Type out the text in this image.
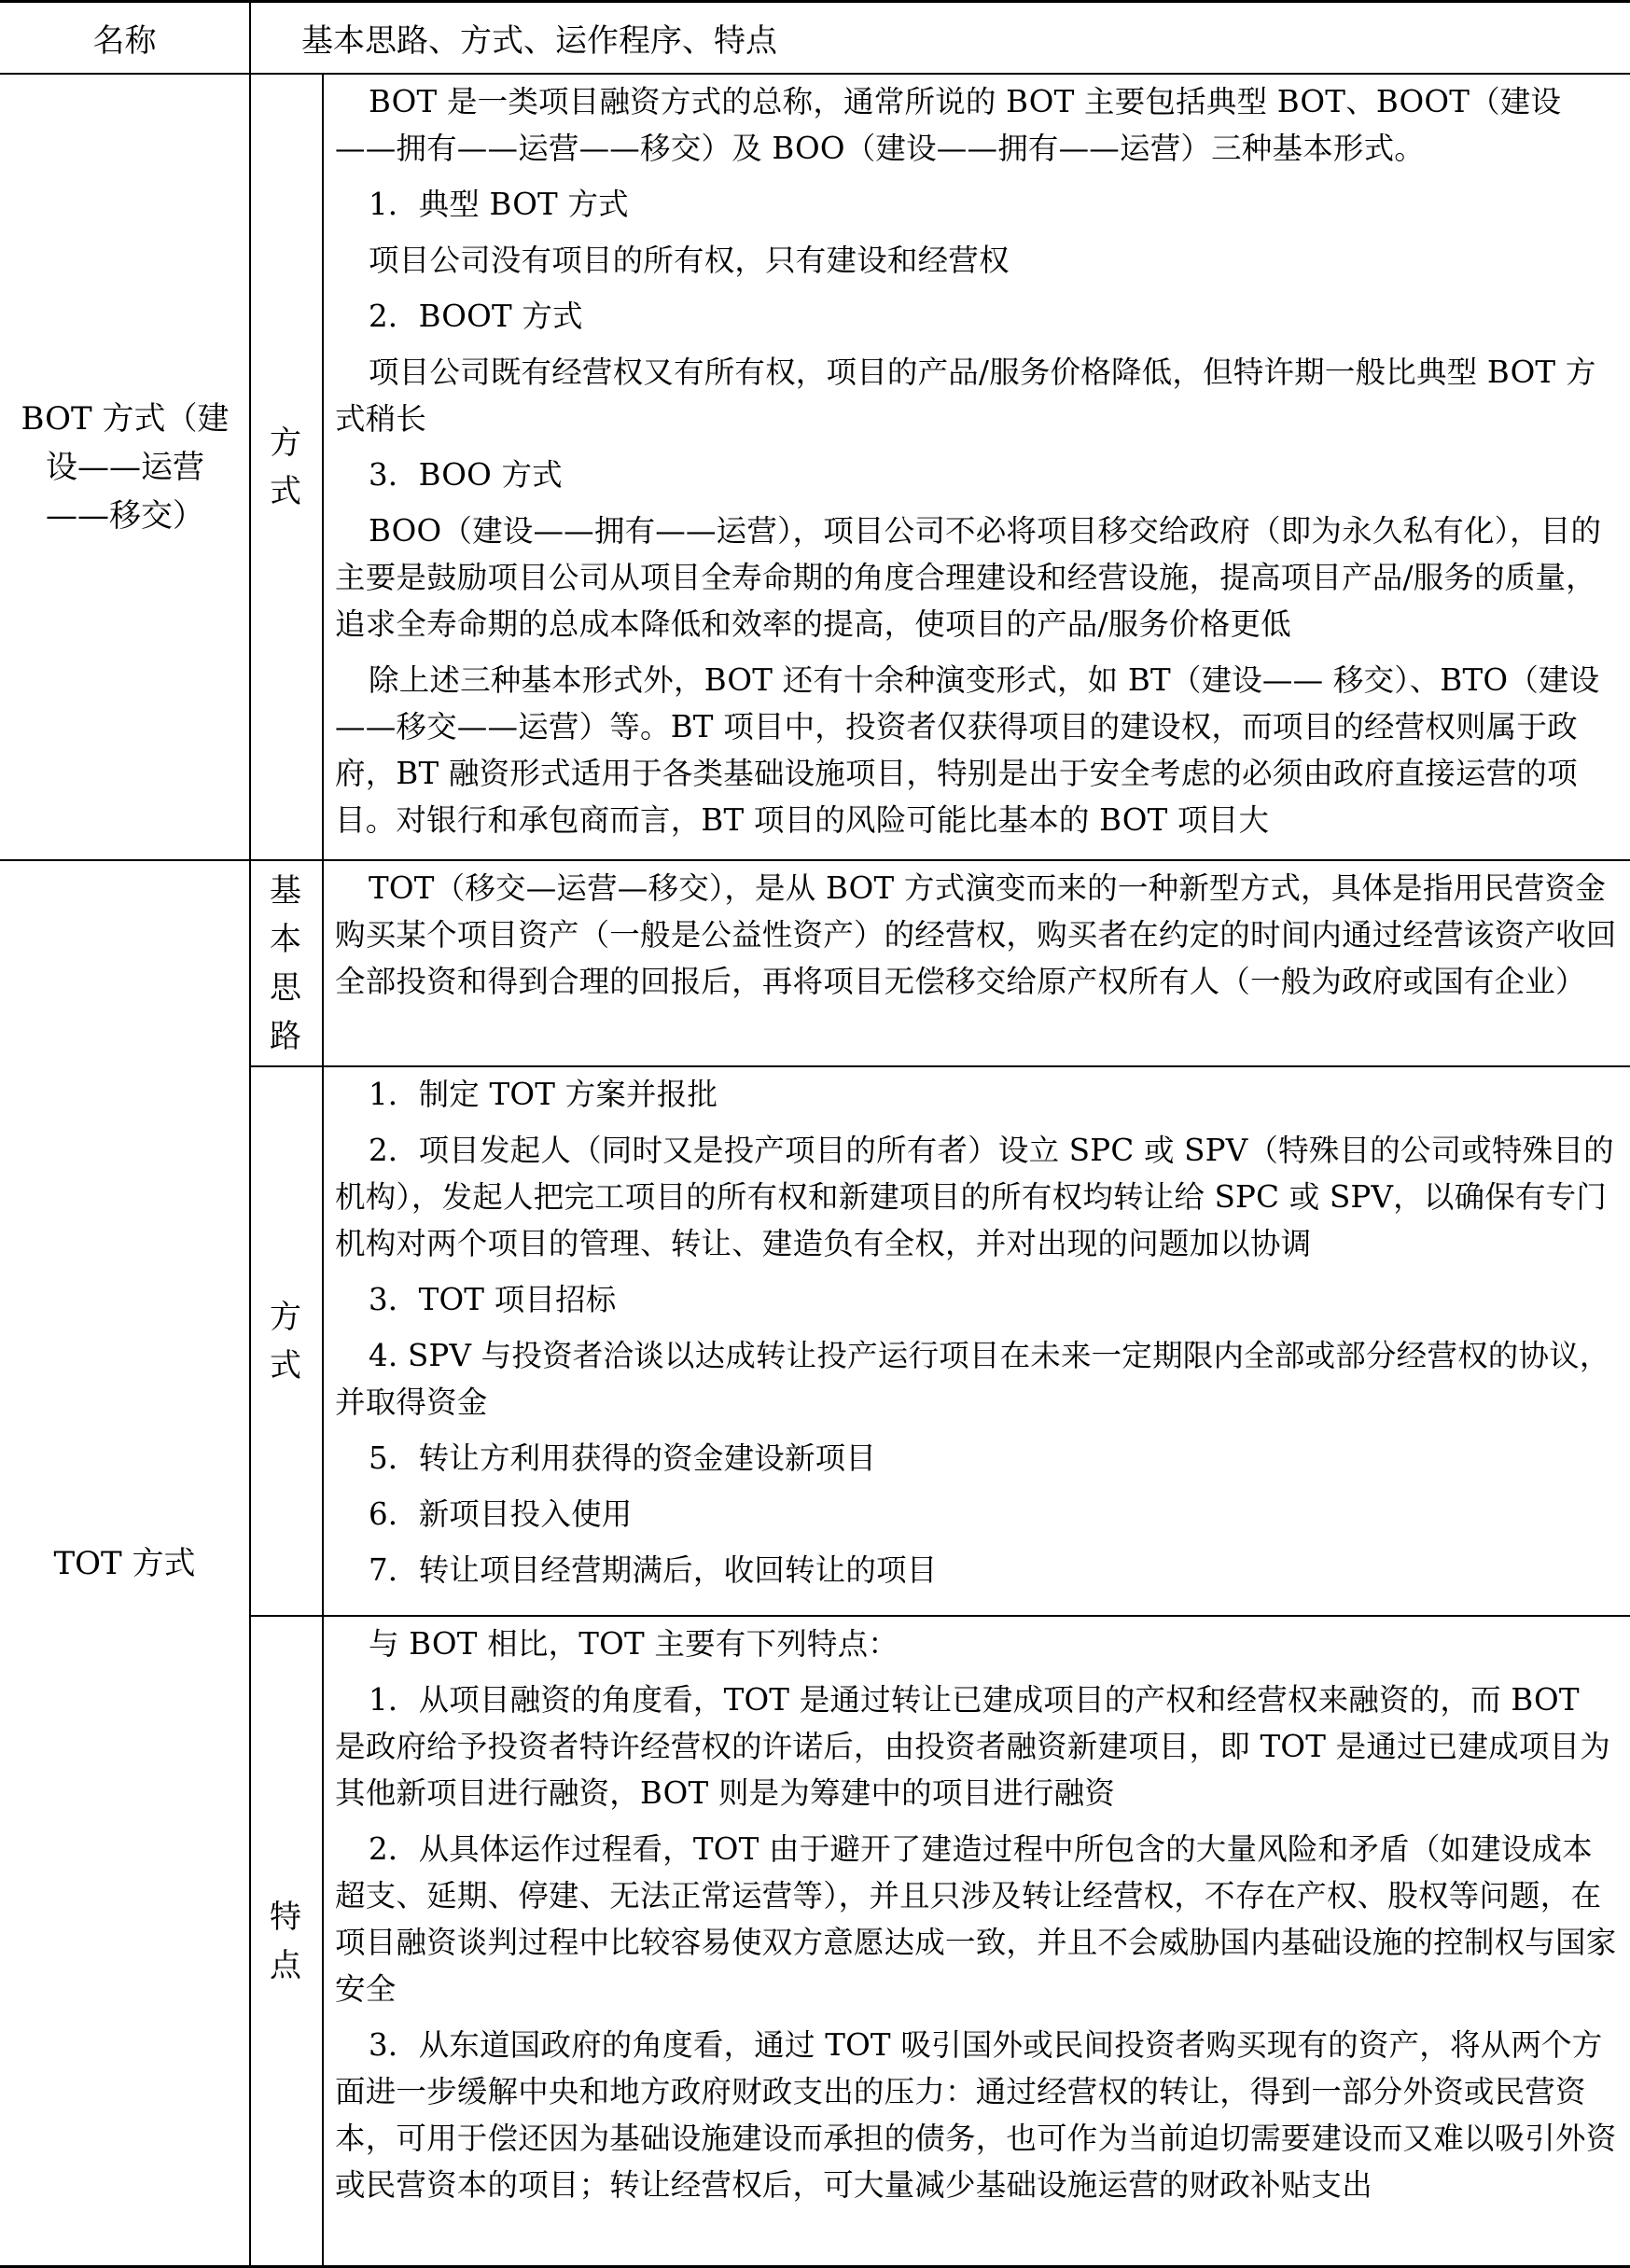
名称	基本思路、方式、运作程序、特点
BOT 方式（建设——运营——移交）
方式

BOT 是一类项目融资方式的总称，通常所说的 BOT 主要包括典型 BOT、BOOT（建设——拥有——运营——移交）及 BOO（建设——拥有——运营）三种基本形式。

1．典型 BOT 方式

项目公司没有项目的所有权，只有建设和经营权

2．BOOT 方式

项目公司既有经营权又有所有权，项目的产品/服务价格降低，但特许期一般比典型 BOT 方式稍长

3．BOO 方式

BOO（建设——拥有——运营），项目公司不必将项目移交给政府（即为永久私有化），目的主要是鼓励项目公司从项目全寿命期的角度合理建设和经营设施，提高项目产品/服务的质量，追求全寿命期的总成本降低和效率的提高，使项目的产品/服务价格更低

除上述三种基本形式外，BOT 还有十余种演变形式，如 BT（建设—— 移交）、BTO（建设——移交——运营）等。BT 项目中，投资者仅获得项目的建设权，而项目的经营权则属于政府，BT 融资形式适用于各类基础设施项目，特别是出于安全考虑的必须由政府直接运营的项目。对银行和承包商而言，BT 项目的风险可能比基本的 BOT 项目大

TOT 方式
基本思路

TOT（移交—运营—移交），是从 BOT 方式演变而来的一种新型方式，具体是指用民营资金购买某个项目资产（一般是公益性资产）的经营权，购买者在约定的时间内通过经营该资产收回全部投资和得到合理的回报后，再将项目无偿移交给原产权所有人（一般为政府或国有企业）

方式

1．制定 TOT 方案并报批

2．项目发起人（同时又是投产项目的所有者）设立 SPC 或 SPV（特殊目的公司或特殊目的机构），发起人把完工项目的所有权和新建项目的所有权均转让给 SPC 或 SPV，以确保有专门机构对两个项目的管理、转让、建造负有全权，并对出现的问题加以协调

3．TOT 项目招标

4. SPV 与投资者洽谈以达成转让投产运行项目在未来一定期限内全部或部分经营权的协议，并取得资金

5．转让方利用获得的资金建设新项目

6．新项目投入使用

7．转让项目经营期满后，收回转让的项目

特点

与 BOT 相比，TOT 主要有下列特点：

1．从项目融资的角度看，TOT 是通过转让已建成项目的产权和经营权来融资的，而 BOT 是政府给予投资者特许经营权的许诺后，由投资者融资新建项目，即 TOT 是通过已建成项目为其他新项目进行融资，BOT 则是为筹建中的项目进行融资

2．从具体运作过程看，TOT 由于避开了建造过程中所包含的大量风险和矛盾（如建设成本超支、延期、停建、无法正常运营等），并且只涉及转让经营权，不存在产权、股权等问题，在项目融资谈判过程中比较容易使双方意愿达成一致，并且不会威胁国内基础设施的控制权与国家安全

3．从东道国政府的角度看，通过 TOT 吸引国外或民间投资者购买现有的资产，将从两个方面进一步缓解中央和地方政府财政支出的压力：通过经营权的转让，得到一部分外资或民营资本，可用于偿还因为基础设施建设而承担的债务，也可作为当前迫切需要建设而又难以吸引外资或民营资本的项目；转让经营权后，可大量减少基础设施运营的财政补贴支出
